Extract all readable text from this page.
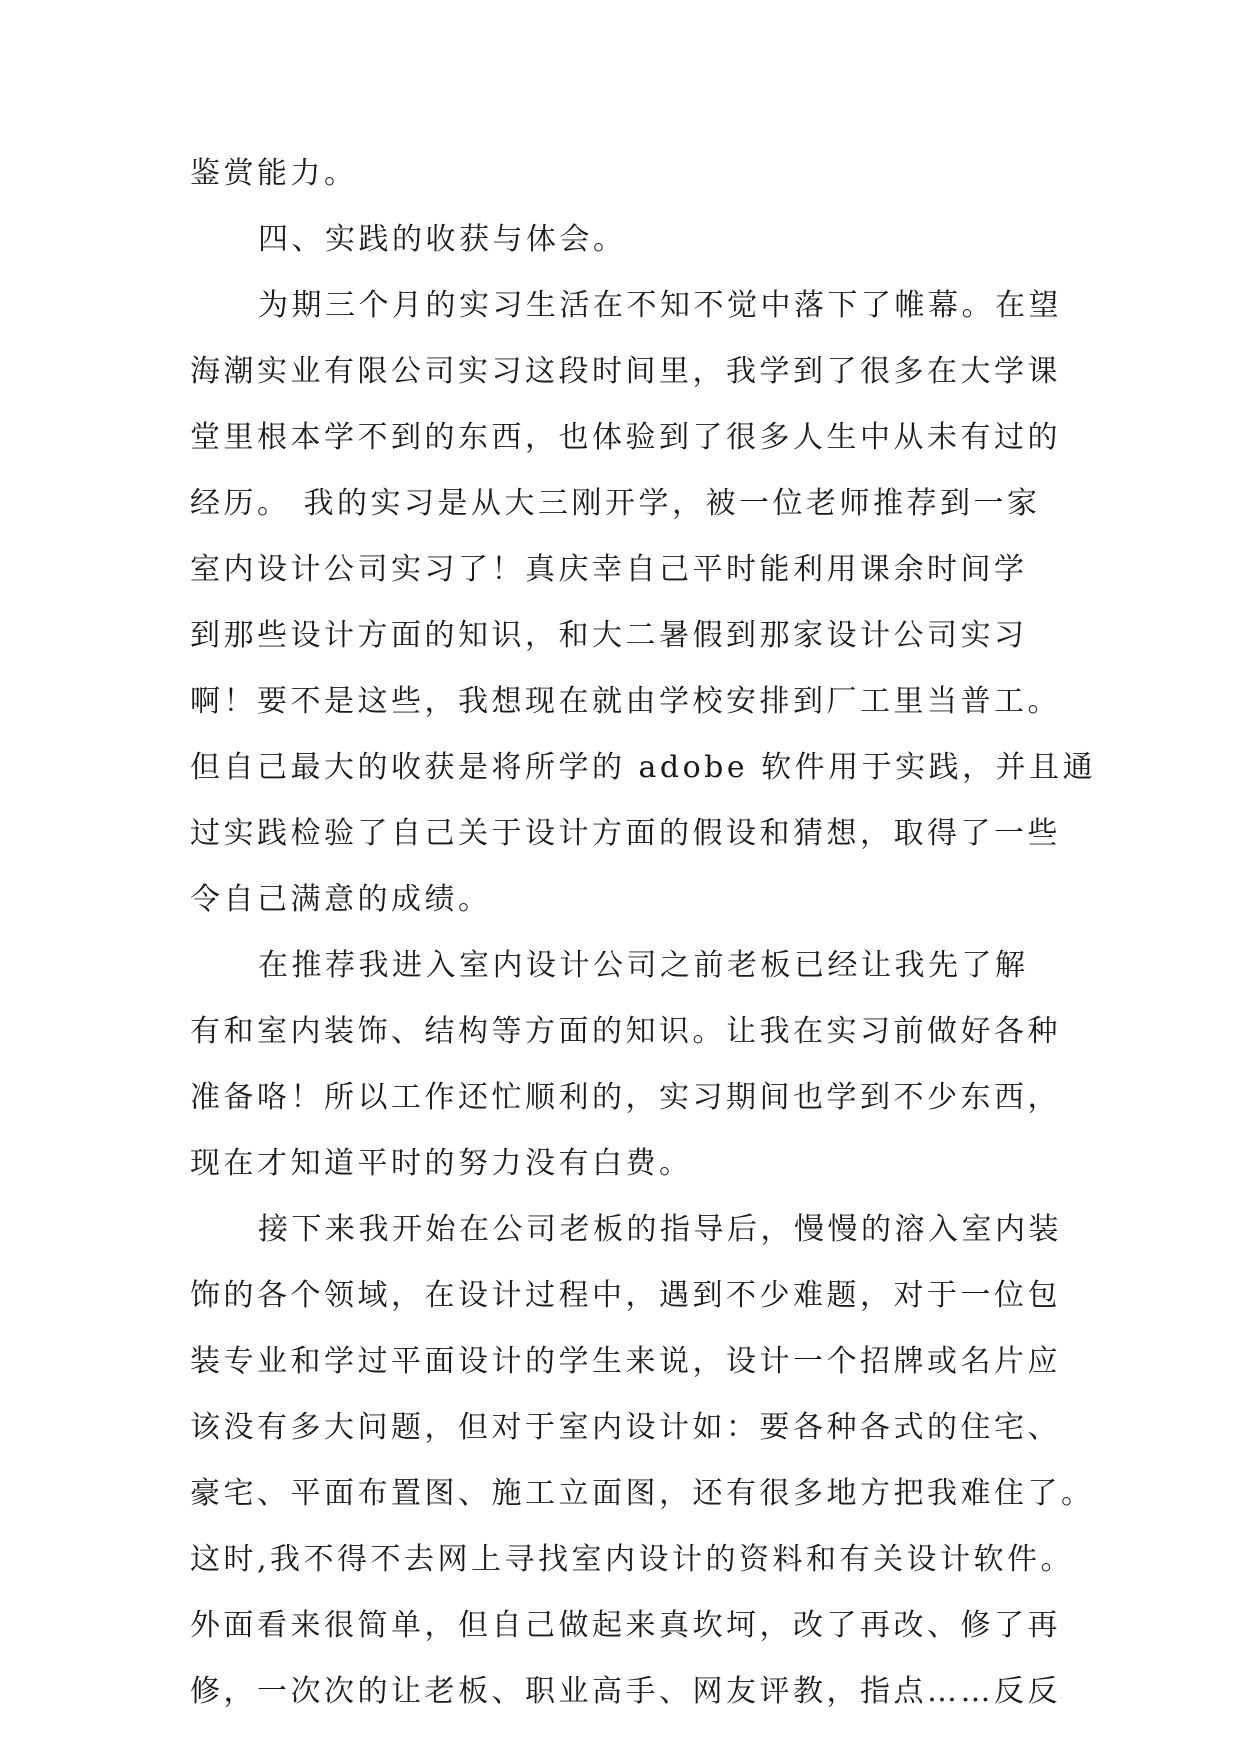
鉴赏能力。
四、实践的收获与体会。
为期三个月的实习生活在不知不觉中落下了帷幕。在望
海潮实业有限公司实习这段时间里，我学到了很多在大学课
堂里根本学不到的东西，也体验到了很多人生中从未有过的
经历。 我的实习是从大三刚开学，被一位老师推荐到一家
室内设计公司实习了！真庆幸自己平时能利用课余时间学
到那些设计方面的知识，和大二暑假到那家设计公司实习
啊！要不是这些，我想现在就由学校安排到厂工里当普工。
但自己最大的收获是将所学的 adobe 软件用于实践，并且通
过实践检验了自己关于设计方面的假设和猜想，取得了一些
令自己满意的成绩。
在推荐我进入室内设计公司之前老板已经让我先了解
有和室内装饰、结构等方面的知识。让我在实习前做好各种
准备咯！所以工作还忙顺利的，实习期间也学到不少东西，
现在才知道平时的努力没有白费。
接下来我开始在公司老板的指导后，慢慢的溶入室内装
饰的各个领域，在设计过程中，遇到不少难题，对于一位包
装专业和学过平面设计的学生来说，设计一个招牌或名片应
该没有多大问题，但对于室内设计如：要各种各式的住宅、
豪宅、平面布置图、施工立面图，还有很多地方把我难住了。
这时,我不得不去网上寻找室内设计的资料和有关设计软件。
外面看来很简单，但自己做起来真坎坷，改了再改、修了再
修，一次次的让老板、职业高手、网友评教，指点……反反
